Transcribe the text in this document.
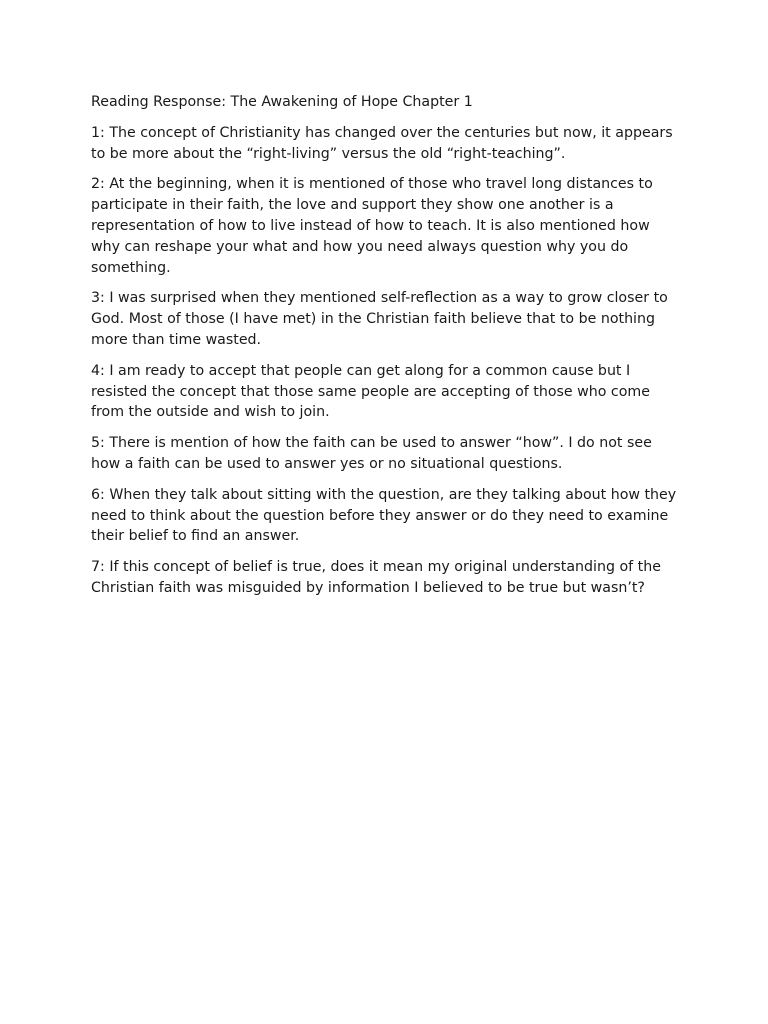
Reading Response: The Awakening of Hope Chapter 1

1: The concept of Christianity has changed over the centuries but now, it appears to be more about the “right-living” versus the old “right-teaching”.

2: At the beginning, when it is mentioned of those who travel long distances to participate in their faith, the love and support they show one another is a representation of how to live instead of how to teach. It is also mentioned how why can reshape your what and how you need always question why you do something.

3: I was surprised when they mentioned self-reflection as a way to grow closer to God. Most of those (I have met) in the Christian faith believe that to be nothing more than time wasted.

4: I am ready to accept that people can get along for a common cause but I resisted the concept that those same people are accepting of those who come from the outside and wish to join.

5: There is mention of how the faith can be used to answer “how”. I do not see how a faith can be used to answer yes or no situational questions.

6: When they talk about sitting with the question, are they talking about how they need to think about the question before they answer or do they need to examine their belief to find an answer.

7: If this concept of belief is true, does it mean my original understanding of the Christian faith was misguided by information I believed to be true but wasn’t?
